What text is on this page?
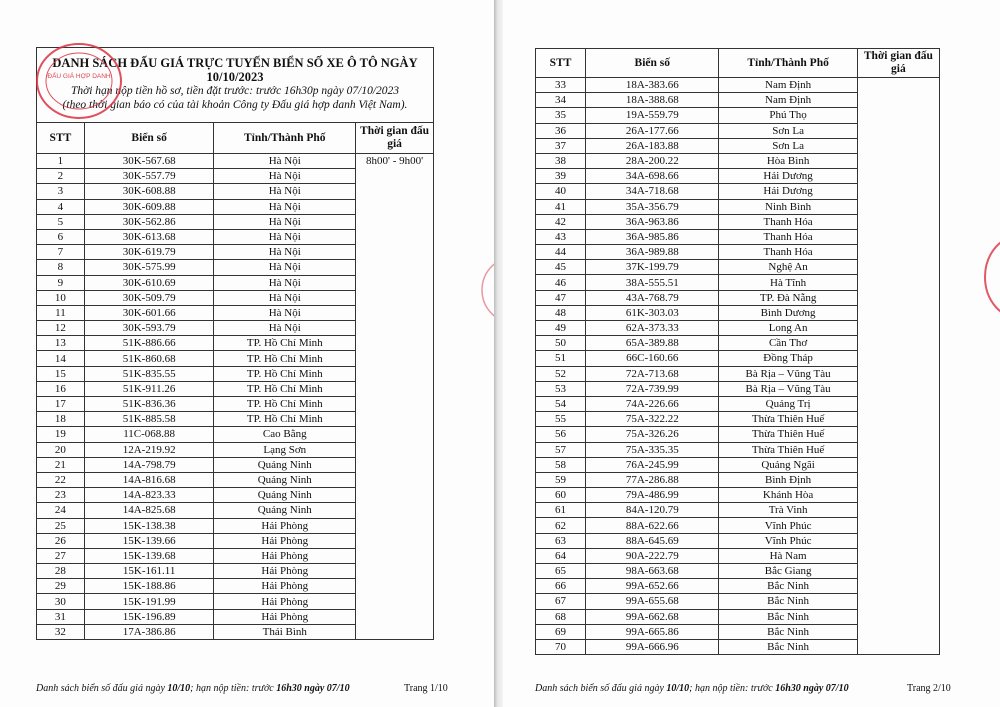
DANH SÁCH ĐẤU GIÁ TRỰC TUYẾN BIỂN SỐ XE Ô TÔ NGÀY
10/10/2023
Thời hạn nộp tiền hồ sơ, tiền đặt trước: trước 16h30p ngày 07/10/2023
(theo thời gian báo có của tài khoản Công ty Đấu giá hợp danh Việt Nam).
STT	Biển số	Tỉnh/Thành Phố	Thời gian đấu giá
1	30K-567.68	Hà Nội	8h00' - 9h00'
2	30K-557.79	Hà Nội	
3	30K-608.88	Hà Nội	
4	30K-609.88	Hà Nội	
5	30K-562.86	Hà Nội	
6	30K-613.68	Hà Nội	
7	30K-619.79	Hà Nội	
8	30K-575.99	Hà Nội	
9	30K-610.69	Hà Nội	
10	30K-509.79	Hà Nội	
11	30K-601.66	Hà Nội	
12	30K-593.79	Hà Nội	
13	51K-886.66	TP. Hồ Chí Minh	
14	51K-860.68	TP. Hồ Chí Minh	
15	51K-835.55	TP. Hồ Chí Minh	
16	51K-911.26	TP. Hồ Chí Minh	
17	51K-836.36	TP. Hồ Chí Minh	
18	51K-885.58	TP. Hồ Chí Minh	
19	11C-068.88	Cao Bằng	
20	12A-219.92	Lạng Sơn	
21	14A-798.79	Quảng Ninh	
22	14A-816.68	Quảng Ninh	
23	14A-823.33	Quảng Ninh	
24	14A-825.68	Quảng Ninh	
25	15K-138.38	Hải Phòng	
26	15K-139.66	Hải Phòng	
27	15K-139.68	Hải Phòng	
28	15K-161.11	Hải Phòng	
29	15K-188.86	Hải Phòng	
30	15K-191.99	Hải Phòng	
31	15K-196.89	Hải Phòng	
32	17A-386.86	Thái Bình	
Danh sách biển số đấu giá ngày 10/10; hạn nộp tiền: trước 16h30 ngày 07/10	Trang 1/10
ĐẤU GIÁ HỢP DANH
STT	Biển số	Tỉnh/Thành Phố	Thời gian đấu giá
33	18A-383.66	Nam Định	
34	18A-388.68	Nam Định	
35	19A-559.79	Phú Thọ	
36	26A-177.66	Sơn La	
37	26A-183.88	Sơn La	
38	28A-200.22	Hòa Bình	
39	34A-698.66	Hải Dương	
40	34A-718.68	Hải Dương	
41	35A-356.79	Ninh Bình	
42	36A-963.86	Thanh Hóa	
43	36A-985.86	Thanh Hóa	
44	36A-989.88	Thanh Hóa	
45	37K-199.79	Nghệ An	
46	38A-555.51	Hà Tĩnh	
47	43A-768.79	TP. Đà Nẵng	
48	61K-303.03	Bình Dương	
49	62A-373.33	Long An	
50	65A-389.88	Cần Thơ	
51	66C-160.66	Đồng Tháp	
52	72A-713.68	Bà Rịa – Vũng Tàu	
53	72A-739.99	Bà Rịa – Vũng Tàu	
54	74A-226.66	Quảng Trị	
55	75A-322.22	Thừa Thiên Huế	
56	75A-326.26	Thừa Thiên Huế	
57	75A-335.35	Thừa Thiên Huế	
58	76A-245.99	Quảng Ngãi	
59	77A-286.88	Bình Định	
60	79A-486.99	Khánh Hòa	
61	84A-120.79	Trà Vinh	
62	88A-622.66	Vĩnh Phúc	
63	88A-645.69	Vĩnh Phúc	
64	90A-222.79	Hà Nam	
65	98A-663.68	Bắc Giang	
66	99A-652.66	Bắc Ninh	
67	99A-655.68	Bắc Ninh	
68	99A-662.68	Bắc Ninh	
69	99A-665.86	Bắc Ninh	
70	99A-666.96	Bắc Ninh	
Danh sách biển số đấu giá ngày 10/10; hạn nộp tiền: trước 16h30 ngày 07/10	Trang 2/10
